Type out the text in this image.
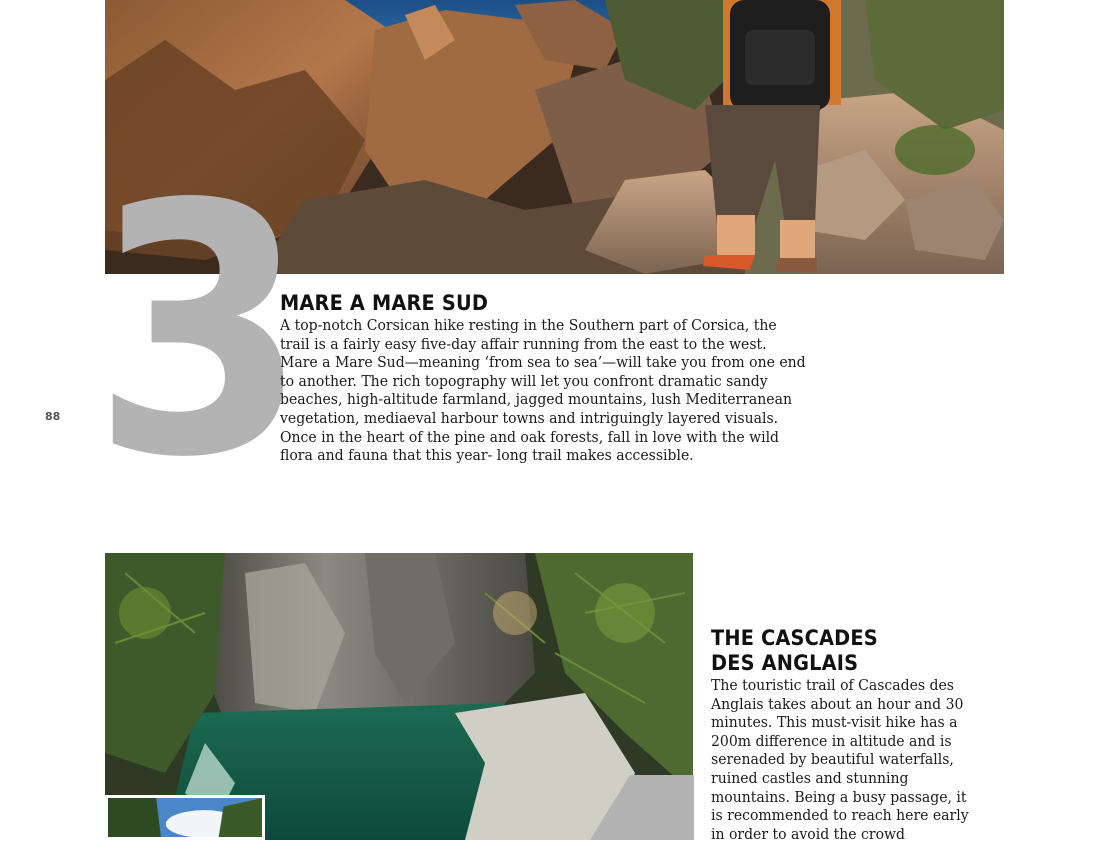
3
88
MARE A MARE SUD
A top-notch Corsican hike resting in the Southern part of Corsica, the trail is a fairly easy five-day affair running from the east to the west. Mare a Mare Sud—meaning ‘from sea to sea’—will take you from one end to another. The rich topography will let you confront dramatic sandy beaches, high-altitude farmland, jagged mountains, lush Mediterranean vegetation, mediaeval harbour towns and intriguingly layered visuals. Once in the heart of the pine and oak forests, fall in love with the wild flora and fauna that this year- long trail makes accessible.
THE CASCADES
DES ANGLAIS
The touristic trail of Cascades des Anglais takes about an hour and 30 minutes. This must-visit hike has a 200m difference in altitude and is serenaded by beautiful waterfalls, ruined castles and stunning mountains. Being a busy passage, it is recommended to reach here early in order to avoid the crowd
